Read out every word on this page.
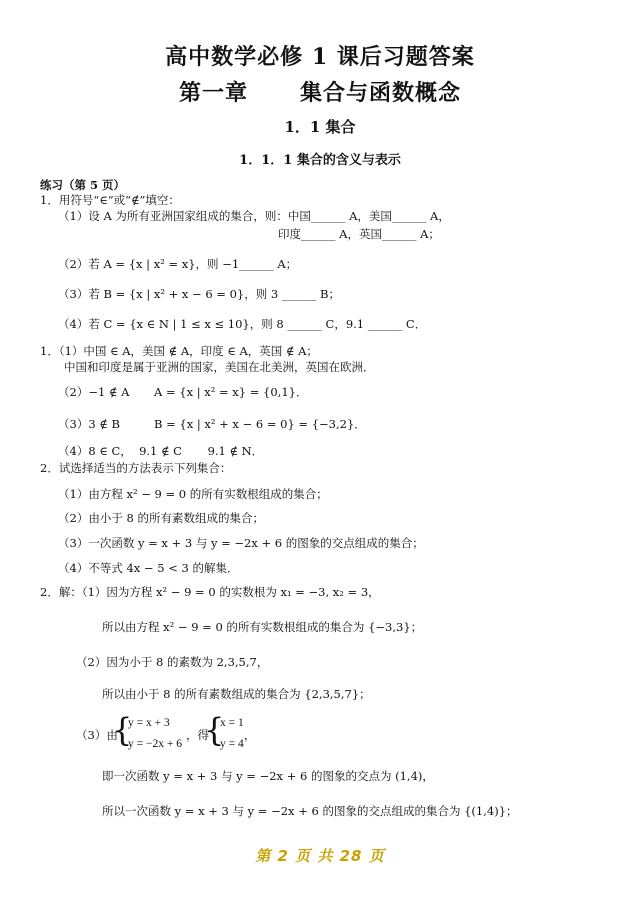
高中数学必修 1 课后习题答案
第一章      集合与函数概念
1．1 集合
1．1．1 集合的含义与表示
练习（第 5 页）
1．用符号“∈”或“∉”填空：
（1）设 A 为所有亚洲国家组成的集合，则：中国______ A，美国______ A，
印度______ A，英国______ A；
（2）若 A = {x | x² = x}，则 −1______ A；
（3）若 B = {x | x² + x − 6 = 0}，则 3 ______ B；
（4）若 C = {x ∈ N | 1 ≤ x ≤ 10}，则 8 ______ C，9.1 ______ C．
1．（1）中国 ∈ A，美国 ∉ A，印度 ∈ A，英国 ∉ A；
中国和印度是属于亚洲的国家，美国在北美洲，英国在欧洲．
（2）−1 ∉ A A = {x | x² = x} = {0,1}．
（3）3 ∉ B	B = {x | x² + x − 6 = 0} = {−3,2}．
（4）8 ∈ C，  9.1 ∉ C       9.1 ∉ N．
2．试选择适当的方法表示下列集合：
（1）由方程 x² − 9 = 0 的所有实数根组成的集合；
（2）由小于 8 的所有素数组成的集合；
（3）一次函数 y = x + 3 与 y = −2x + 6 的图象的交点组成的集合；
（4）不等式 4x − 5 < 3 的解集．
2．解：（1）因为方程 x² − 9 = 0 的实数根为 x₁ = −3, x₂ = 3，
所以由方程 x² − 9 = 0 的所有实数根组成的集合为 {−3,3}；
（2）因为小于 8 的素数为 2,3,5,7，
所以由小于 8 的所有素数组成的集合为 {2,3,5,7}；
（3）由
{
y = x + 3
y = −2x + 6
，得
{
x = 1
y = 4
，
即一次函数 y = x + 3 与 y = −2x + 6 的图象的交点为 (1,4)，
所以一次函数 y = x + 3 与 y = −2x + 6 的图象的交点组成的集合为 {(1,4)}；
第 2 页 共 28 页
